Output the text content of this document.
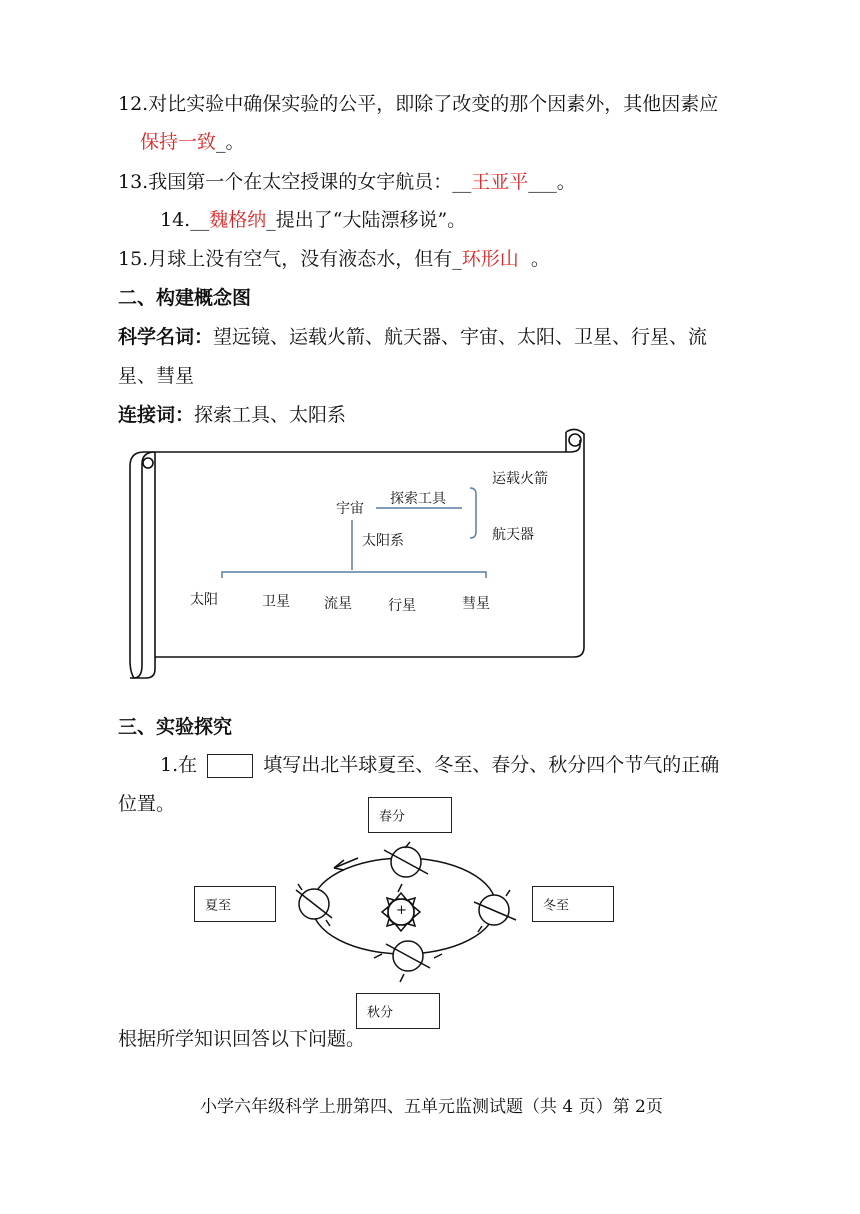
12.对比实验中确保实验的公平，即除了改变的那个因素外，其他因素应
保持一致_。
13.我国第一个在太空授课的女宇航员：__王亚平___。
14.__魏格纳_提出了“大陆漂移说”。
15.月球上没有空气，没有液态水，但有_环形山  。
二、构建概念图
科学名词：望远镜、运载火箭、航天器、宇宙、太阳、卫星、行星、流
星、彗星
连接词：探索工具、太阳系
宇宙
探索工具
太阳系
运载火箭
航天器
太阳	卫星 流星	行星	彗星
三、实验探究
1.在	填写出北半球夏至、冬至、春分、秋分四个节气的正确
位置。
春分
夏至	冬至
秋分
+
根据所学知识回答以下问题。
小学六年级科学上册第四、五单元监测试题（共 4 页）第 2页
